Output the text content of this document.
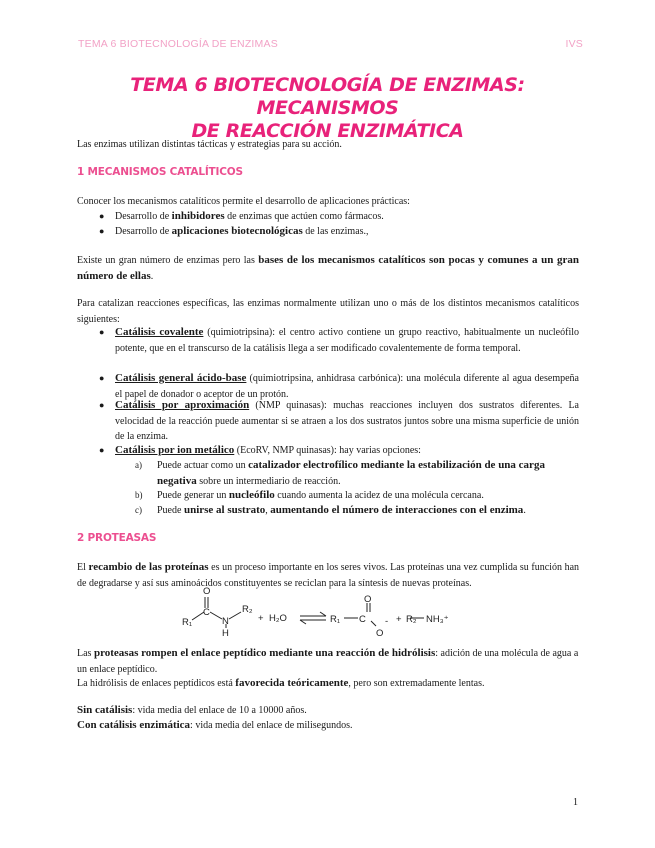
TEMA 6 BIOTECNOLOGÍA DE ENZIMAS	IVS
TEMA 6 BIOTECNOLOGÍA DE ENZIMAS: MECANISMOS
DE REACCIÓN ENZIMÁTICA
Las enzimas utilizan distintas tácticas y estrategias para su acción.
1 MECANISMOS CATALÍTICOS
Conocer los mecanismos catalíticos permite el desarrollo de aplicaciones prácticas:
● Desarrollo de inhibidores de enzimas que actúen como fármacos.
● Desarrollo de aplicaciones biotecnológicas de las enzimas.,
Existe un gran número de enzimas pero las bases de los mecanismos catalíticos son pocas y comunes a un gran número de ellas.
Para catalizan reacciones específicas, las enzimas normalmente utilizan uno o más de los distintos mecanismos catalíticos siguientes:
● Catálisis covalente (quimiotripsina): el centro activo contiene un grupo reactivo, habitualmente un nucleófilo potente, que en el transcurso de la catálisis llega a ser modificado covalentemente de forma temporal.
● Catálisis general ácido-base (quimiotripsina, anhidrasa carbónica): una molécula diferente al agua desempeña el papel de donador o aceptor de un protón.
● Catálisis por aproximación (NMP quinasas): muchas reacciones incluyen dos sustratos diferentes. La velocidad de la reacción puede aumentar si se atraen a los dos sustratos juntos sobre una misma superficie de unión de la enzima.
● Catálisis por ion metálico (EcoRV, NMP quinasas): hay varias opciones:
a) Puede actuar como un catalizador electrofílico mediante la estabilización de una carga negativa sobre un intermediario de reacción.
b) Puede generar un nucleófilo cuando aumenta la acidez de una molécula cercana.
c) Puede unirse al sustrato, aumentando el número de interacciones con el enzima.
2 PROTEASAS
El recambio de las proteínas es un proceso importante en los seres vivos. Las proteínas una vez cumplida su función han de degradarse y así sus aminoácidos constituyentes se reciclan para la síntesis de nuevas proteínas.
Las proteasas rompen el enlace peptídico mediante una reacción de hidrólisis: adición de una molécula de agua a un enlace peptídico.
La hidrólisis de enlaces peptídicos está favorecida teóricamente, pero son extremadamente lentas.
Sin catálisis: vida media del enlace de 10 a 10000 años.
Con catálisis enzimática: vida media del enlace de milisegundos.
R₁
C
O
N
H
R₂
+ H₂O	R₁ C
O
O
- + R₂ NH₃⁺
1
